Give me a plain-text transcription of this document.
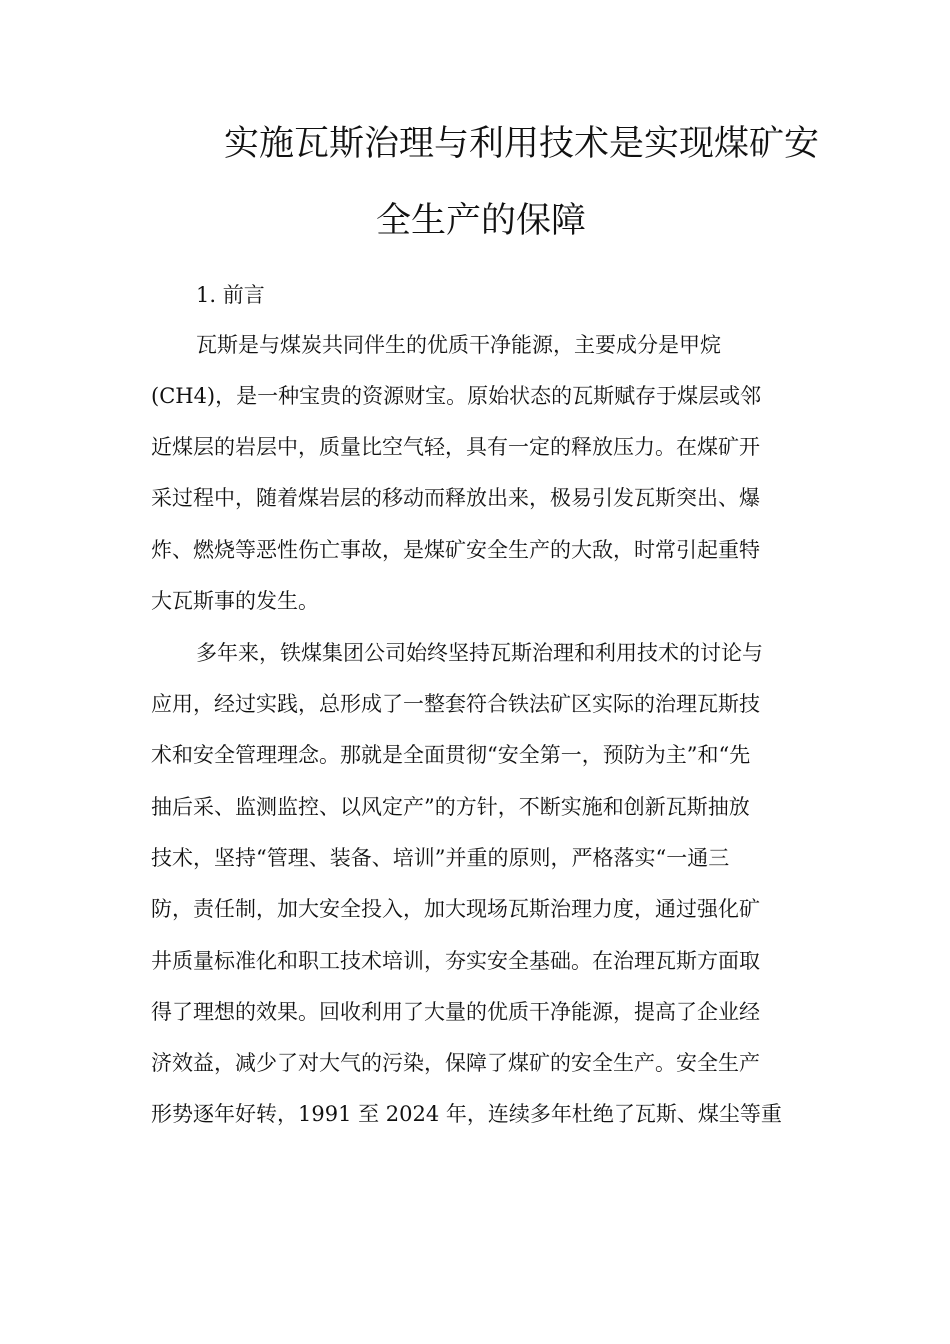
实施瓦斯治理与利用技术是实现煤矿安
全生产的保障
1. 前言
瓦斯是与煤炭共同伴生的优质干净能源，主要成分是甲烷
(CH4)，是一种宝贵的资源财宝。原始状态的瓦斯赋存于煤层或邻
近煤层的岩层中，质量比空气轻，具有一定的释放压力。在煤矿开
采过程中，随着煤岩层的移动而释放出来，极易引发瓦斯突出、爆
炸、燃烧等恶性伤亡事故，是煤矿安全生产的大敌，时常引起重特
大瓦斯事的发生。
多年来，铁煤集团公司始终坚持瓦斯治理和利用技术的讨论与
应用，经过实践，总形成了一整套符合铁法矿区实际的治理瓦斯技
术和安全管理理念。那就是全面贯彻“安全第一，预防为主”和“先
抽后采、监测监控、以风定产”的方针，不断实施和创新瓦斯抽放
技术，坚持“管理、装备、培训”并重的原则，严格落实“一通三
防，责任制，加大安全投入，加大现场瓦斯治理力度，通过强化矿
井质量标准化和职工技术培训，夯实安全基础。在治理瓦斯方面取
得了理想的效果。回收利用了大量的优质干净能源，提高了企业经
济效益，减少了对大气的污染，保障了煤矿的安全生产。安全生产
形势逐年好转，1991 至 2024 年，连续多年杜绝了瓦斯、煤尘等重
